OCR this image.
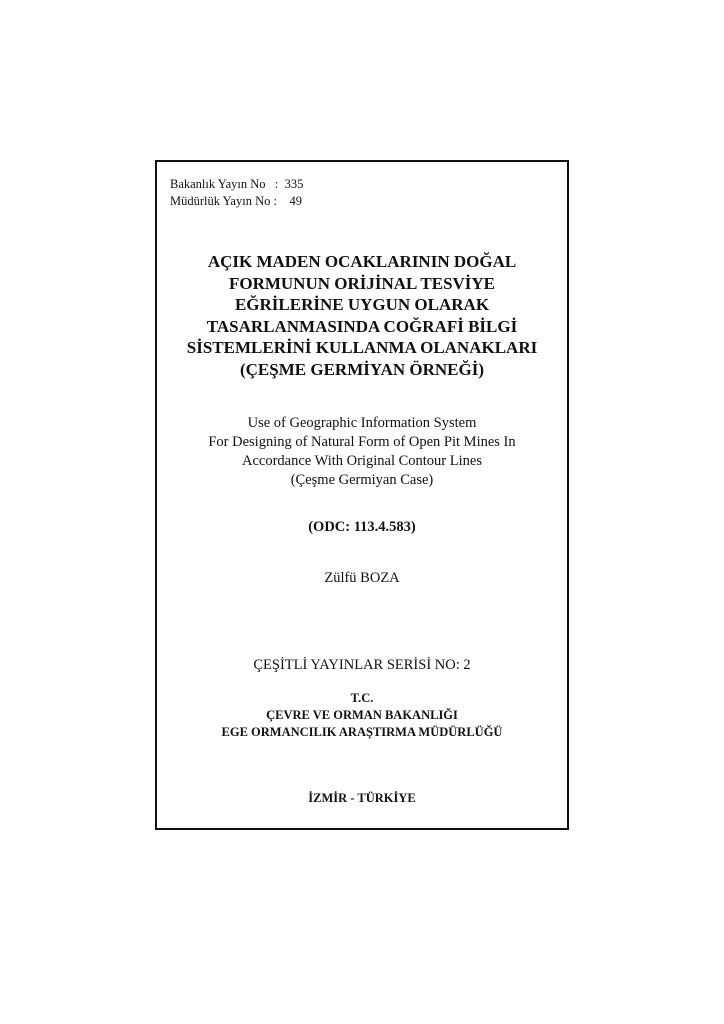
Bakanlık Yayın No   :  335
Müdürlük Yayın No :    49
AÇIK MADEN OCAKLARININ DOĞAL
FORMUNUN ORİJİNAL TESVİYE
EĞRİLERİNE UYGUN OLARAK
TASARLANMASINDA COĞRAFİ BİLGİ
SİSTEMLERİNİ KULLANMA OLANAKLARI
(ÇEŞME GERMİYAN ÖRNEĞİ)
Use of Geographic Information System
For Designing of Natural Form of Open Pit Mines In
Accordance With Original Contour Lines
(Çeşme Germiyan Case)
(ODC: 113.4.583)
Zülfü BOZA
ÇEŞİTLİ YAYINLAR SERİSİ NO: 2
T.C.
ÇEVRE VE ORMAN BAKANLIĞI
EGE ORMANCILIK ARAŞTIRMA MÜDÜRLÜĞÜ
İZMİR - TÜRKİYE
